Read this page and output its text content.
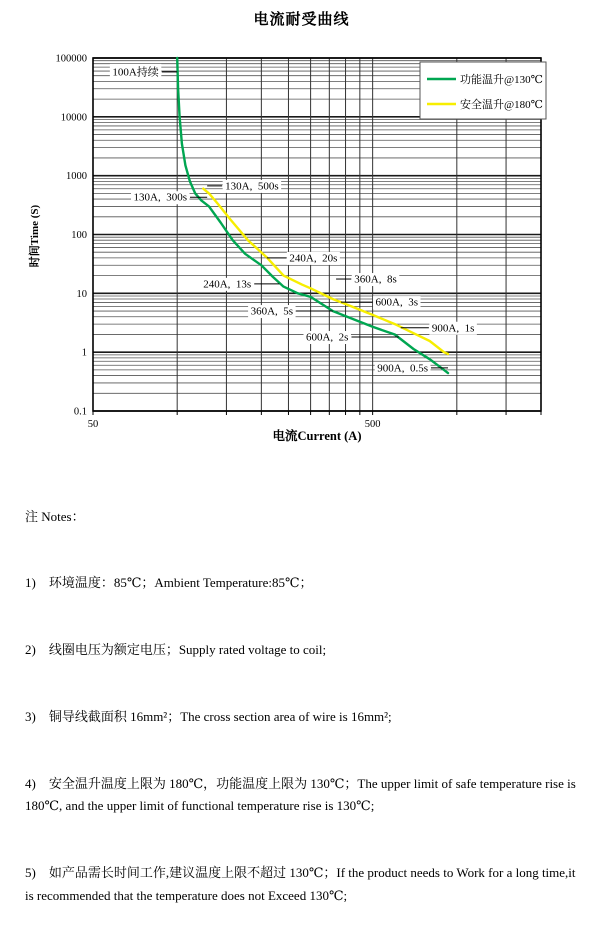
电流耐受曲线
100000
10000
1000
100
10
1
0.1
50	500
时间Time (S)
电流Current (A)
100A持续
130A,  500s
130A,  300s
240A,  20s
240A,  13s	360A,  8s
600A,  3s
360A,  5s
900A,  1s
600A,  2s
900A,  0.5s
功能温升@130℃
安全温升@180℃

注 Notes：

1)    环境温度：85℃；Ambient Temperature:85℃；

2)    线圈电压为额定电压；Supply rated voltage to coil;

3)    铜导线截面积 16mm²；The cross section area of wire is 16mm²;

4)    安全温升温度上限为 180℃，功能温度上限为 130℃；The upper limit of safe temperature rise is 180℃, and the upper limit of functional temperature rise is 130℃;

5)    如产品需长时间工作,建议温度上限不超过 130℃；If the product needs to Work for a long time,it is recommended that the temperature does not Exceed 130℃;
